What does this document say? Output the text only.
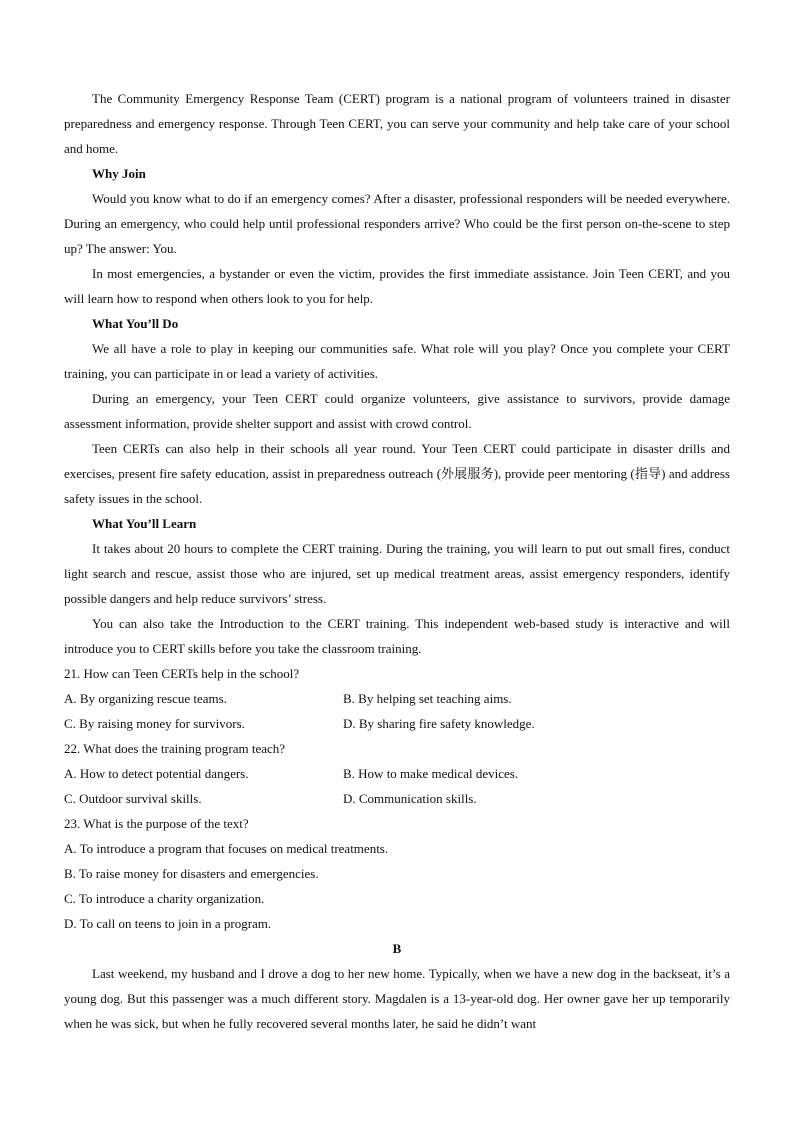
The Community Emergency Response Team (CERT) program is a national program of volunteers trained in disaster preparedness and emergency response. Through Teen CERT, you can serve your community and help take care of your school and home.

Why Join

Would you know what to do if an emergency comes? After a disaster, professional responders will be needed everywhere. During an emergency, who could help until professional responders arrive? Who could be the first person on-the-scene to step up? The answer: You.

In most emergencies, a bystander or even the victim, provides the first immediate assistance. Join Teen CERT, and you will learn how to respond when others look to you for help.

What You’ll Do

We all have a role to play in keeping our communities safe. What role will you play? Once you complete your CERT training, you can participate in or lead a variety of activities.

During an emergency, your Teen CERT could organize volunteers, give assistance to survivors, provide damage assessment information, provide shelter support and assist with crowd control.

Teen CERTs can also help in their schools all year round. Your Teen CERT could participate in disaster drills and exercises, present fire safety education, assist in preparedness outreach (外展服务), provide peer mentoring (指导) and address safety issues in the school.

What You’ll Learn

It takes about 20 hours to complete the CERT training. During the training, you will learn to put out small fires, conduct light search and rescue, assist those who are injured, set up medical treatment areas, assist emergency responders, identify possible dangers and help reduce survivors’ stress.

You can also take the Introduction to the CERT training. This independent web-based study is interactive and will introduce you to CERT skills before you take the classroom training.

21. How can Teen CERTs help in the school?
A. By organizing rescue teams.	B. By helping set teaching aims.
C. By raising money for survivors.	D. By sharing fire safety knowledge.
22. What does the training program teach?
A. How to detect potential dangers.	B. How to make medical devices.
C. Outdoor survival skills.	D. Communication skills.
23. What is the purpose of the text?
A. To introduce a program that focuses on medical treatments.
B. To raise money for disasters and emergencies.
C. To introduce a charity organization.
D. To call on teens to join in a program.
B

Last weekend, my husband and I drove a dog to her new home. Typically, when we have a new dog in the backseat, it’s a young dog. But this passenger was a much different story. Magdalen is a 13-year-old dog. Her owner gave her up temporarily when he was sick, but when he fully recovered several months later, he said he didn’t want
